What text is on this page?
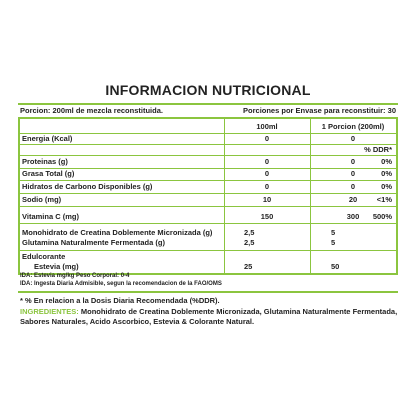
INFORMACION NUTRICIONAL
Porcion: 200ml de mezcla reconstituida.	Porciones por Envase para reconstituir: 30
100ml	1 Porcion (200ml)
Energia (Kcal)	0	0
% DDR*
Proteinas (g)	0	0	0%
Grasa Total (g)	0	0	0%
Hidratos de Carbono Disponibles (g)	0	0	0%
Sodio (mg)	10	20	<1%
Vitamina C (mg)	150	300	500%
Monohidrato de Creatina Doblemente Micronizada (g)	2,5	5
Glutamina Naturalmente Fermentada (g)	2,5	5
Edulcorante
Estevia (mg)	25	50
IDA: Estevia mg/kg Peso Corporal: 0-4
IDA: Ingesta Diaria Admisible, segun la recomendacion de la FAO/OMS
* % En relacion a la Dosis Diaria Recomendada (%DDR).
INGREDIENTES: Monohidrato de Creatina Doblemente Micronizada, Glutamina Naturalmente Fermentada, Sabores Naturales, Acido Ascorbico, Estevia & Colorante Natural.
